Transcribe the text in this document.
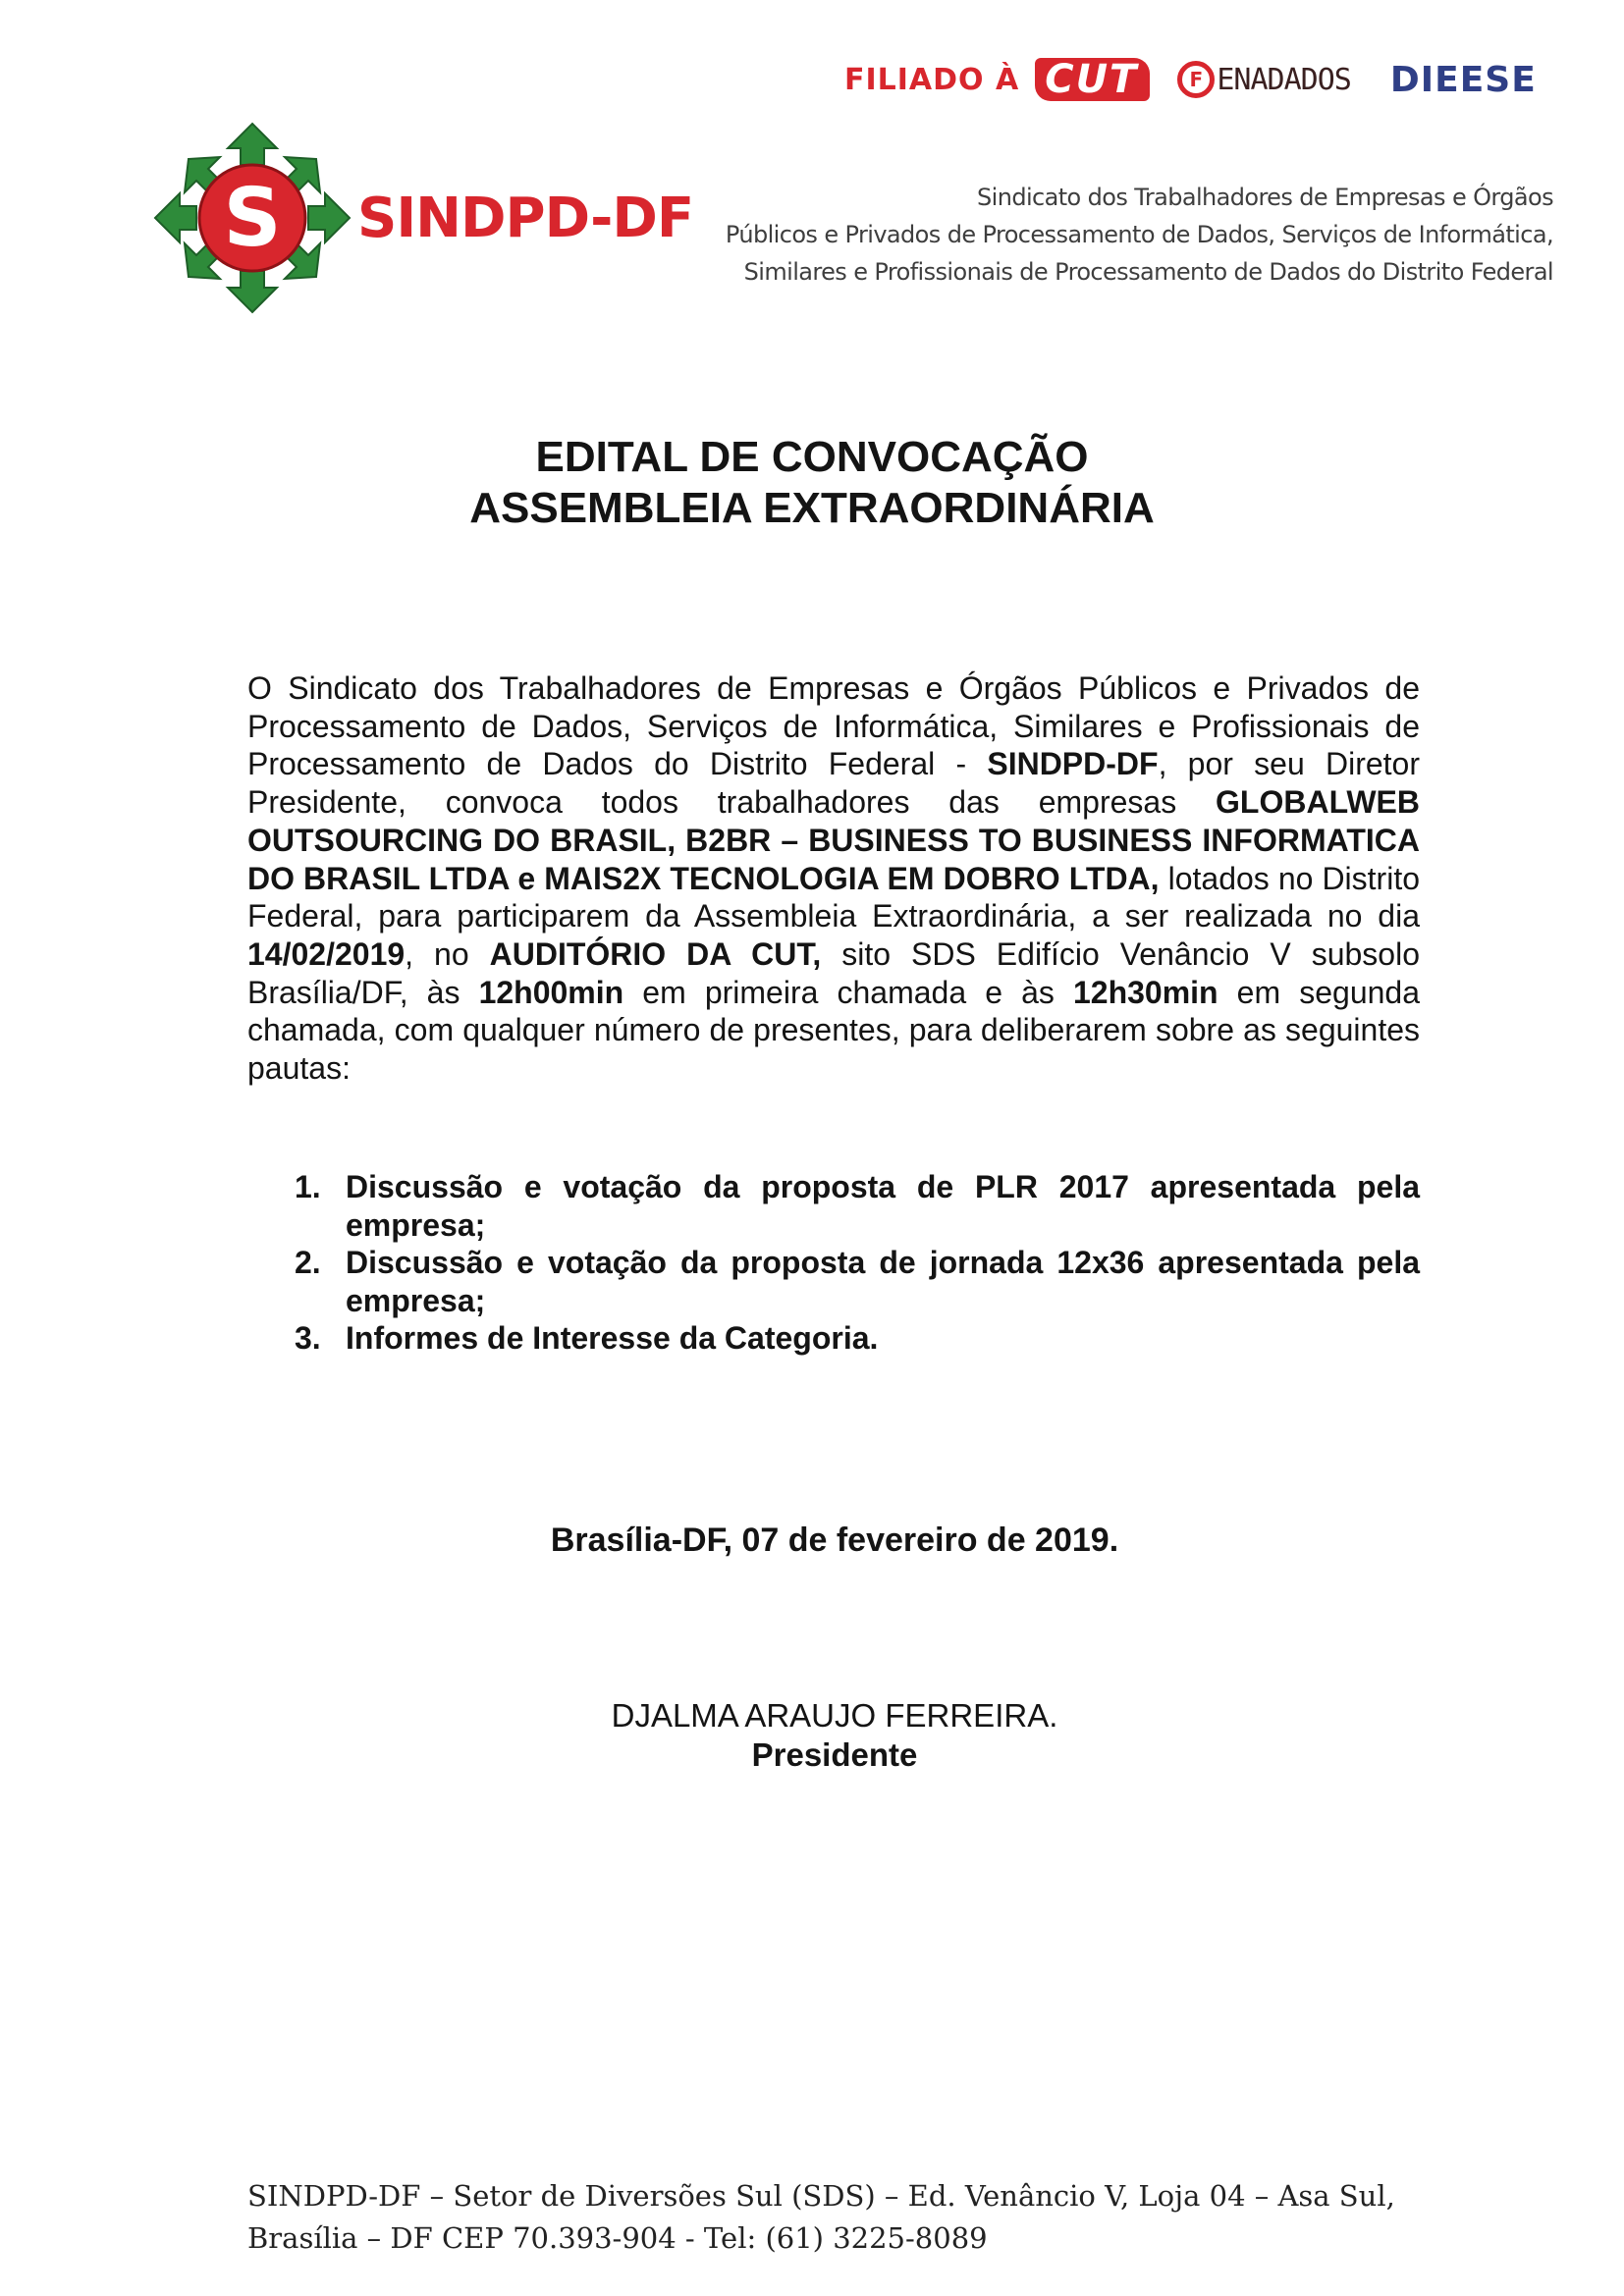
FILIADO À CUT	F ENADADOS DIEESE
S SINDPD-DF	Sindicato dos Trabalhadores de Empresas e Órgãos
Públicos e Privados de Processamento de Dados, Serviços de Informática,
Similares e Profissionais de Processamento de Dados do Distrito Federal
EDITAL DE CONVOCAÇÃO
ASSEMBLEIA EXTRAORDINÁRIA
O Sindicato dos Trabalhadores de Empresas e Órgãos Públicos e Privados de Processamento de Dados, Serviços de Informática, Similares e Profissionais de Processamento de Dados do Distrito Federal - SINDPD-DF, por seu Diretor Presidente, convoca todos trabalhadores das empresas GLOBALWEB OUTSOURCING DO BRASIL, B2BR – BUSINESS TO BUSINESS INFORMATICA DO BRASIL LTDA e MAIS2X TECNOLOGIA EM DOBRO LTDA, lotados no Distrito Federal, para participarem da Assembleia Extraordinária, a ser realizada no dia 14/02/2019, no AUDITÓRIO DA CUT, sito SDS Edifício Venâncio V subsolo Brasília/DF, às 12h00min em primeira chamada e às 12h30min em segunda chamada, com qualquer número de presentes, para deliberarem sobre as seguintes pautas:
1. Discussão e votação da proposta de PLR 2017 apresentada pela empresa;
2. Discussão e votação da proposta de jornada 12x36 apresentada pela empresa;
3. Informes de Interesse da Categoria.
Brasília-DF, 07 de fevereiro de 2019.
DJALMA ARAUJO FERREIRA.
Presidente
SINDPD-DF – Setor de Diversões Sul (SDS) – Ed. Venâncio V, Loja 04 – Asa Sul,
Brasília – DF CEP 70.393-904 - Tel: (61) 3225-8089
